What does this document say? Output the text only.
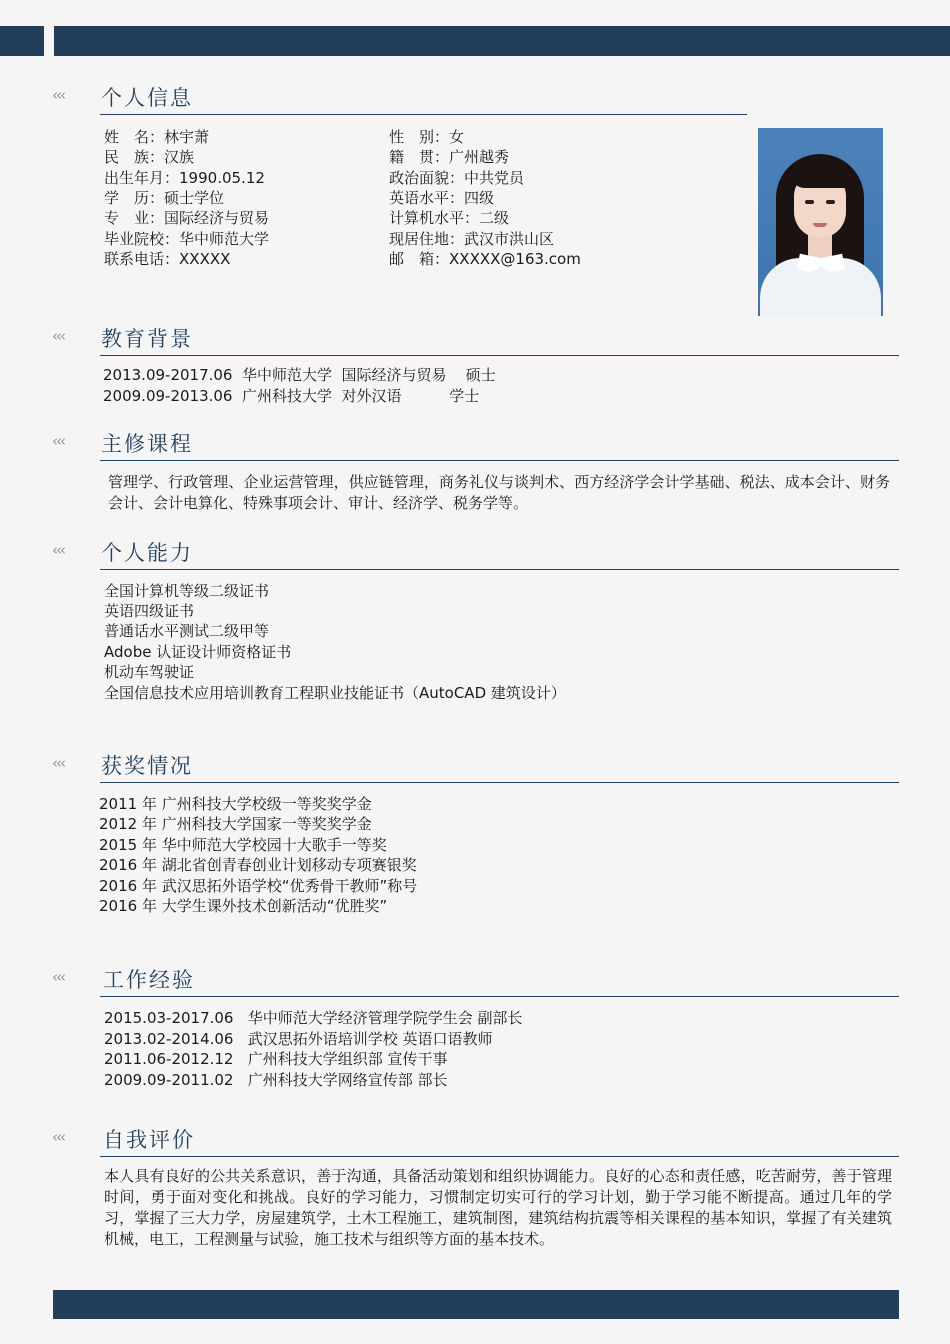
‹‹‹ 个人信息
姓　名：林宇萧
民　族：汉族
出生年月：1990.05.12
学　历：硕士学位
专　业：国际经济与贸易
毕业院校：华中师范大学
联系电话：XXXXX
性　别：女
籍　贯：广州越秀
政治面貌：中共党员
英语水平：四级
计算机水平：二级
现居住地：武汉市洪山区
邮　箱：XXXXX@163.com
‹‹‹ 教育背景
2013.09-2017.06  华中师范大学  国际经济与贸易    硕士
2009.09-2013.06  广州科技大学  对外汉语          学士
‹‹‹ 主修课程
管理学、行政管理、企业运营管理，供应链管理，商务礼仪与谈判术、西方经济学会计学基础、税法、成本会计、财务会计、会计电算化、特殊事项会计、审计、经济学、税务学等。
‹‹‹ 个人能力
全国计算机等级二级证书
英语四级证书
普通话水平测试二级甲等
Adobe 认证设计师资格证书
机动车驾驶证
全国信息技术应用培训教育工程职业技能证书（AutoCAD 建筑设计）
‹‹‹ 获奖情况
2011 年 广州科技大学校级一等奖奖学金
2012 年 广州科技大学国家一等奖奖学金
2015 年 华中师范大学校园十大歌手一等奖
2016 年 湖北省创青春创业计划移动专项赛银奖
2016 年 武汉思拓外语学校“优秀骨干教师”称号
2016 年 大学生课外技术创新活动“优胜奖”
‹‹‹ 工作经验
2015.03-2017.06   华中师范大学经济管理学院学生会 副部长
2013.02-2014.06   武汉思拓外语培训学校 英语口语教师
2011.06-2012.12   广州科技大学组织部 宣传干事
2009.09-2011.02   广州科技大学网络宣传部 部长
‹‹‹ 自我评价
本人具有良好的公共关系意识，善于沟通，具备活动策划和组织协调能力。良好的心态和责任感，吃苦耐劳，善于管理时间，勇于面对变化和挑战。良好的学习能力，习惯制定切实可行的学习计划，勤于学习能不断提高。通过几年的学习，掌握了三大力学，房屋建筑学，土木工程施工，建筑制图，建筑结构抗震等相关课程的基本知识，掌握了有关建筑机械，电工，工程测量与试验，施工技术与组织等方面的基本技术。
